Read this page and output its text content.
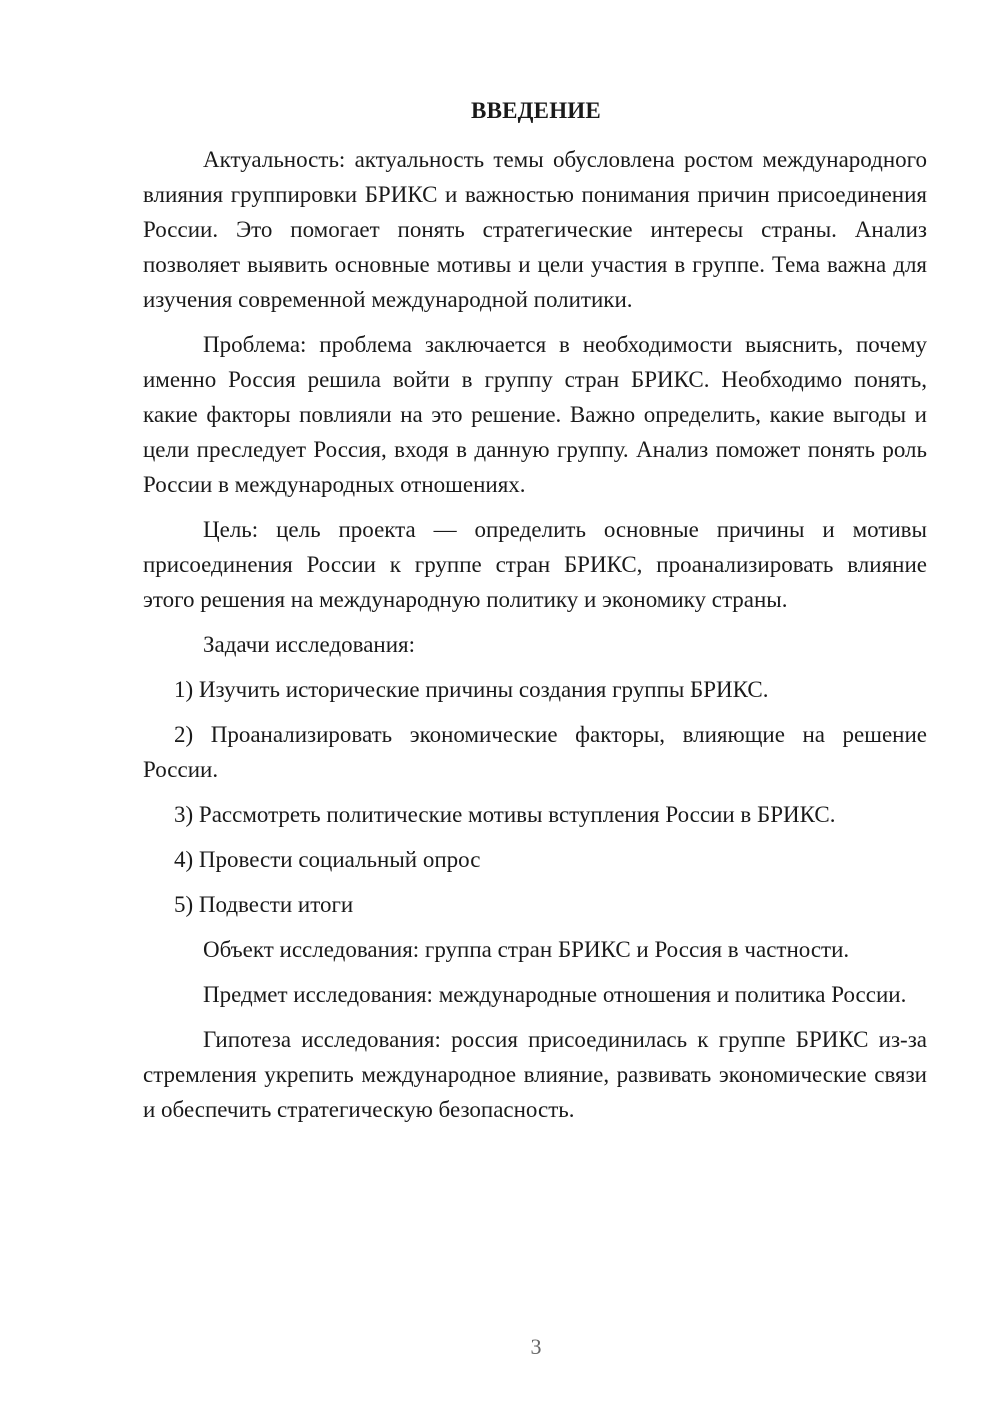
ВВЕДЕНИЕ

Актуальность: актуальность темы обусловлена ростом международного влияния группировки БРИКС и важностью понимания причин присоединения России. Это помогает понять стратегические интересы страны. Анализ позволяет выявить основные мотивы и цели участия в группе. Тема важна для изучения современной международной политики.

Проблема: проблема заключается в необходимости выяснить, почему именно Россия решила войти в группу стран БРИКС. Необходимо понять, какие факторы повлияли на это решение. Важно определить, какие выгоды и цели преследует Россия, входя в данную группу. Анализ поможет понять роль России в международных отношениях.

Цель: цель проекта — определить основные причины и мотивы присоединения России к группе стран БРИКС, проанализировать влияние этого решения на международную политику и экономику страны.

Задачи исследования:

1) Изучить исторические причины создания группы БРИКС.

2) Проанализировать экономические факторы, влияющие на решение России.

3) Рассмотреть политические мотивы вступления России в БРИКС.

4) Провести социальный опрос

5) Подвести итоги

Объект исследования: группа стран БРИКС и Россия в частности.

Предмет исследования: международные отношения и политика России.

Гипотеза исследования: россия присоединилась к группе БРИКС из-за стремления укрепить международное влияние, развивать экономические связи и обеспечить стратегическую безопасность.

3
